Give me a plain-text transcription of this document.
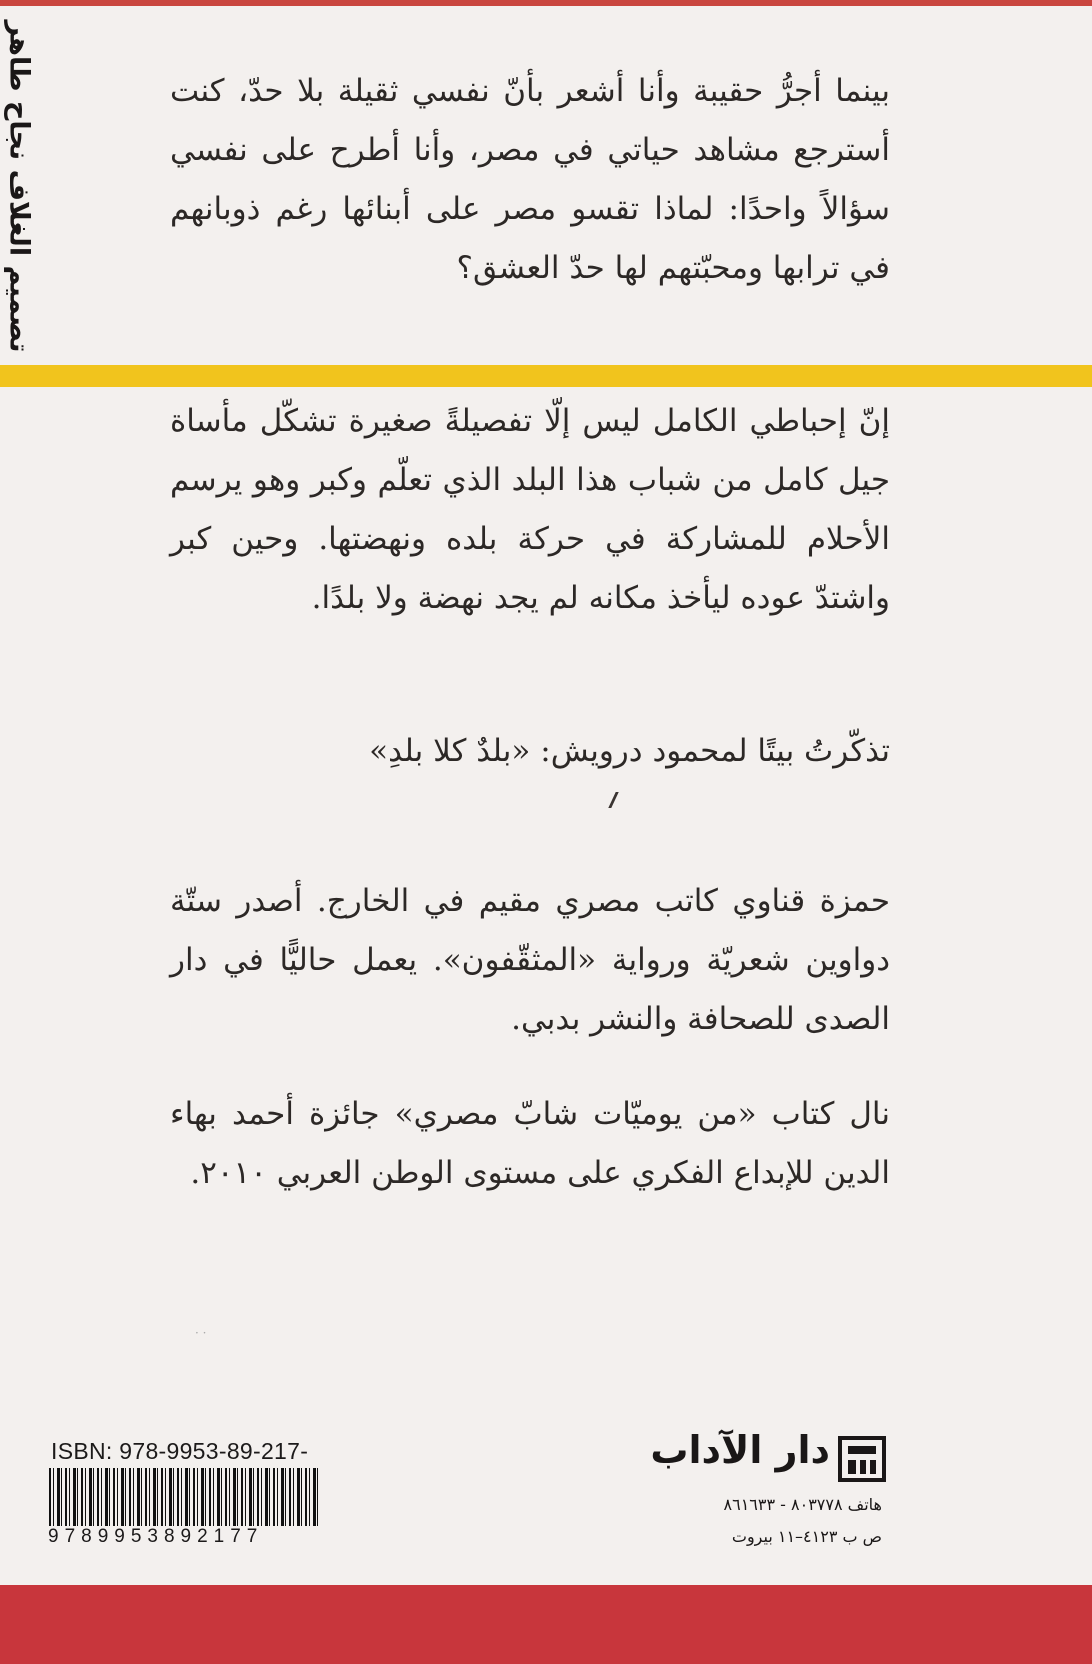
تصميم الغلاف نجاح طاهر	بينما أجرُّ حقيبة وأنا أشعر بأنّ نفسي ثقيلة بلا حدّ، كنت أسترجع مشاهد حياتي في مصر، وأنا أطرح على نفسي سؤالاً واحدًا: لماذا تقسو مصر على أبنائها رغم ذوبانهم في ترابها ومحبّتهم لها حدّ العشق؟

إنّ إحباطي الكامل ليس إلّا تفصيلةً صغيرة تشكّل مأساة جيل كامل من شباب هذا البلد الذي تعلّم وكبر وهو يرسم الأحلام للمشاركة في حركة بلده ونهضتها. وحين كبر واشتدّ عوده ليأخذ مكانه لم يجد نهضة ولا بلدًا.

تذكّرتُ بيتًا لمحمود درويش: «بلدٌ كلا بلدِ»

حمزة قناوي كاتب مصري مقيم في الخارج. أصدر ستّة دواوين شعريّة ورواية «المثقّفون». يعمل حاليًّا في دار الصدى للصحافة والنشر بدبي.

نال كتاب «من يوميّات شابّ مصري» جائزة أحمد بهاء الدين للإبداع الفكري على مستوى الوطن العربي ٢٠١٠.

· ·
ISBN: 978-9953-89-217-
9789953892177
دار الآداب
هاتف ٨٠٣٧٧٨ - ٨٦١٦٣٣
ص ب ٤١٢٣–١١ بيروت
